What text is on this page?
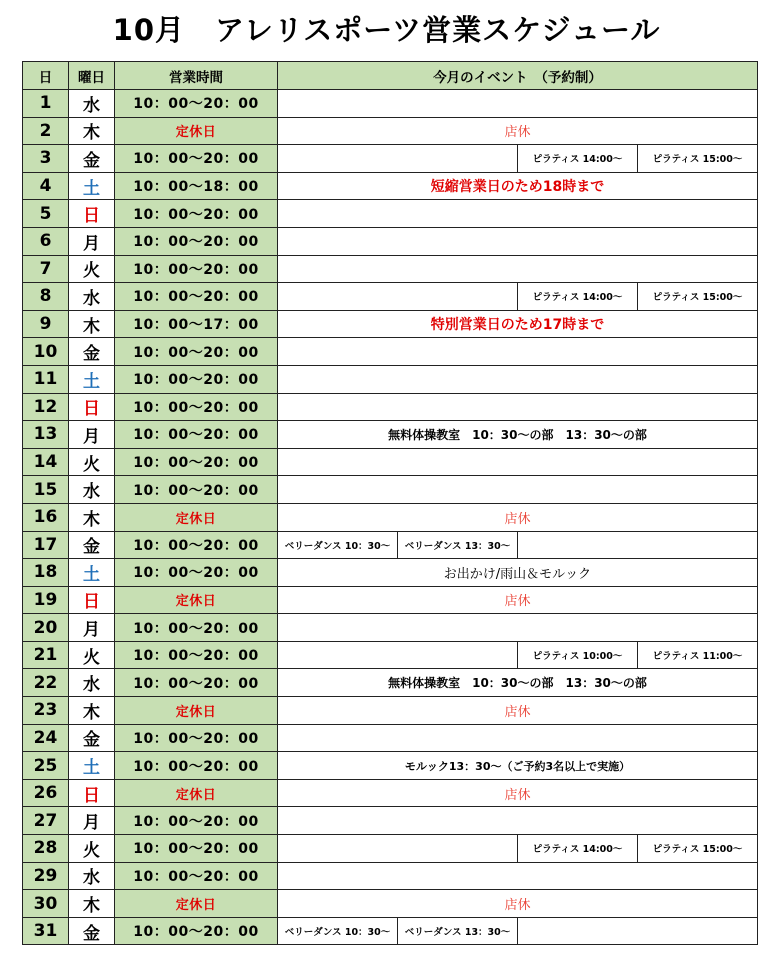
10月　アレリスポーツ営業スケジュール
日	曜日	営業時間	今月のイベント　（予約制）			
1	水	10：00〜20：00				
2	木	定休日	店休			
3	金	10：00〜20：00			ピラティス 14:00〜	ピラティス 15:00〜
4	土	10：00〜18：00	短縮営業日のため18時まで			
5	日	10：00〜20：00				
6	月	10：00〜20：00				
7	火	10：00〜20：00				
8	水	10：00〜20：00			ピラティス 14:00〜	ピラティス 15:00〜
9	木	10：00〜17：00	特別営業日のため17時まで			
10	金	10：00〜20：00				
11	土	10：00〜20：00				
12	日	10：00〜20：00				
13	月	10：00〜20：00	無料体操教室　10：30〜の部　13：30〜の部			
14	火	10：00〜20：00				
15	水	10：00〜20：00				
16	木	定休日	店休			
17	金	10：00〜20：00	ベリーダンス 10：30〜	ベリーダンス 13：30〜		
18	土	10：00〜20：00	お出かけ/雨山＆モルック			
19	日	定休日	店休			
20	月	10：00〜20：00				
21	火	10：00〜20：00			ピラティス 10:00〜	ピラティス 11:00〜
22	水	10：00〜20：00	無料体操教室　10：30〜の部　13：30〜の部			
23	木	定休日	店休			
24	金	10：00〜20：00				
25	土	10：00〜20：00	モルック13：30〜（ご予約3名以上で実施）			
26	日	定休日	店休			
27	月	10：00〜20：00				
28	火	10：00〜20：00			ピラティス 14:00〜	ピラティス 15:00〜
29	水	10：00〜20：00				
30	木	定休日	店休			
31	金	10：00〜20：00	ベリーダンス 10：30〜	ベリーダンス 13：30〜		
